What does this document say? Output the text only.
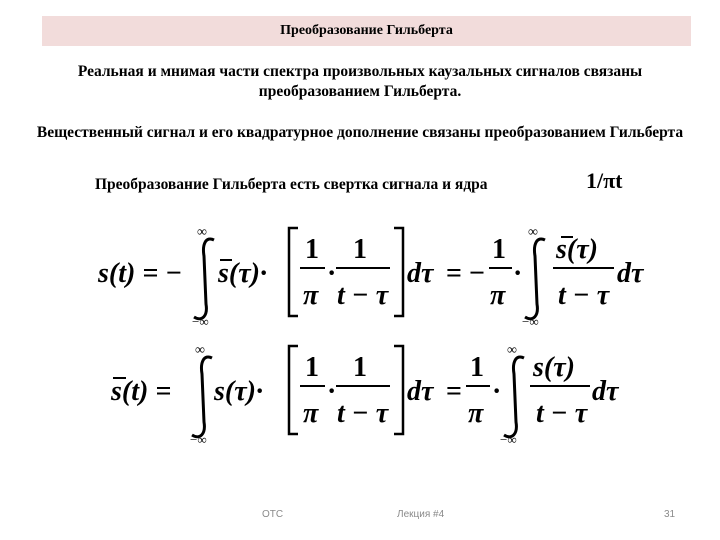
Преобразование Гильберта
Реальная и мнимая части спектра произвольных каузальных сигналов связаны преобразованием Гильберта.
Вещественный сигнал и его квадратурное дополнение связаны преобразованием Гильберта
Преобразование Гильберта есть свертка сигнала и ядра	1/πt
s(t) = −
∞
−∞
s(τ)·
1
π
·
1
t − τ
dτ = −
1
π
·
∞
−∞
s(τ)
t − τ
dτ
s(t) =
∞
−∞
s(τ)·
1
π
·
1
t − τ
dτ =
1
π
·
∞
−∞
s(τ)
t − τ
dτ
ОТС	Лекция #4	31
